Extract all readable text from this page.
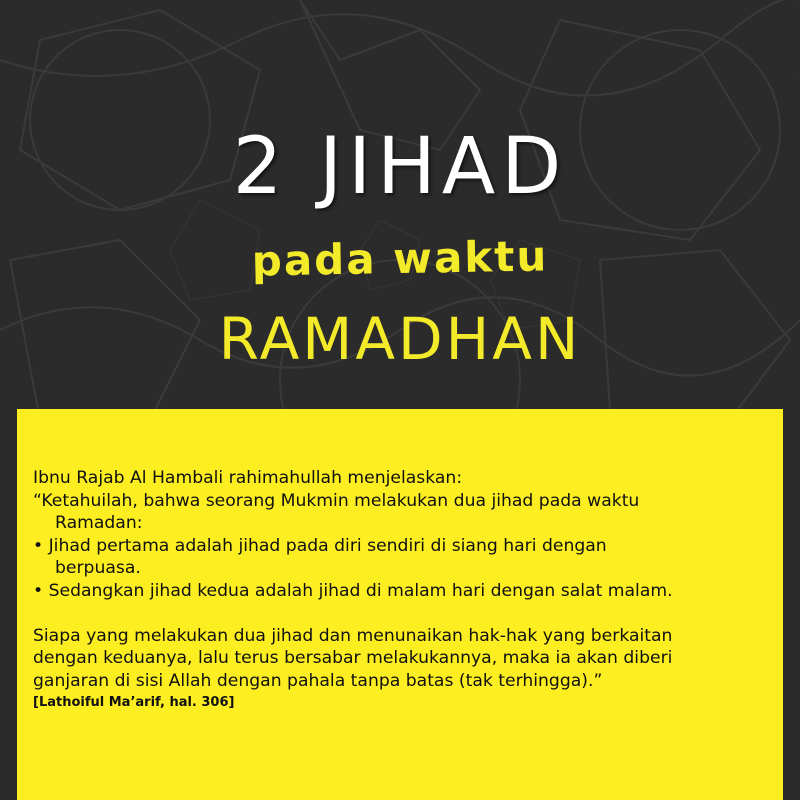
2 JIHAD
pada waktu
RAMADHAN

Ibnu Rajab Al Hambali rahimahullah menjelaskan:

“Ketahuilah, bahwa seorang Mukmin melakukan dua jihad pada waktu

Ramadan:

• Jihad pertama adalah jihad pada diri sendiri di siang hari dengan

berpuasa.

• Sedangkan jihad kedua adalah jihad di malam hari dengan salat malam.

Siapa yang melakukan dua jihad dan menunaikan hak-hak yang berkaitan

dengan keduanya, lalu terus bersabar melakukannya, maka ia akan diberi

ganjaran di sisi Allah dengan pahala tanpa batas (tak terhingga).”

[Lathoiful Ma’arif, hal. 306]
